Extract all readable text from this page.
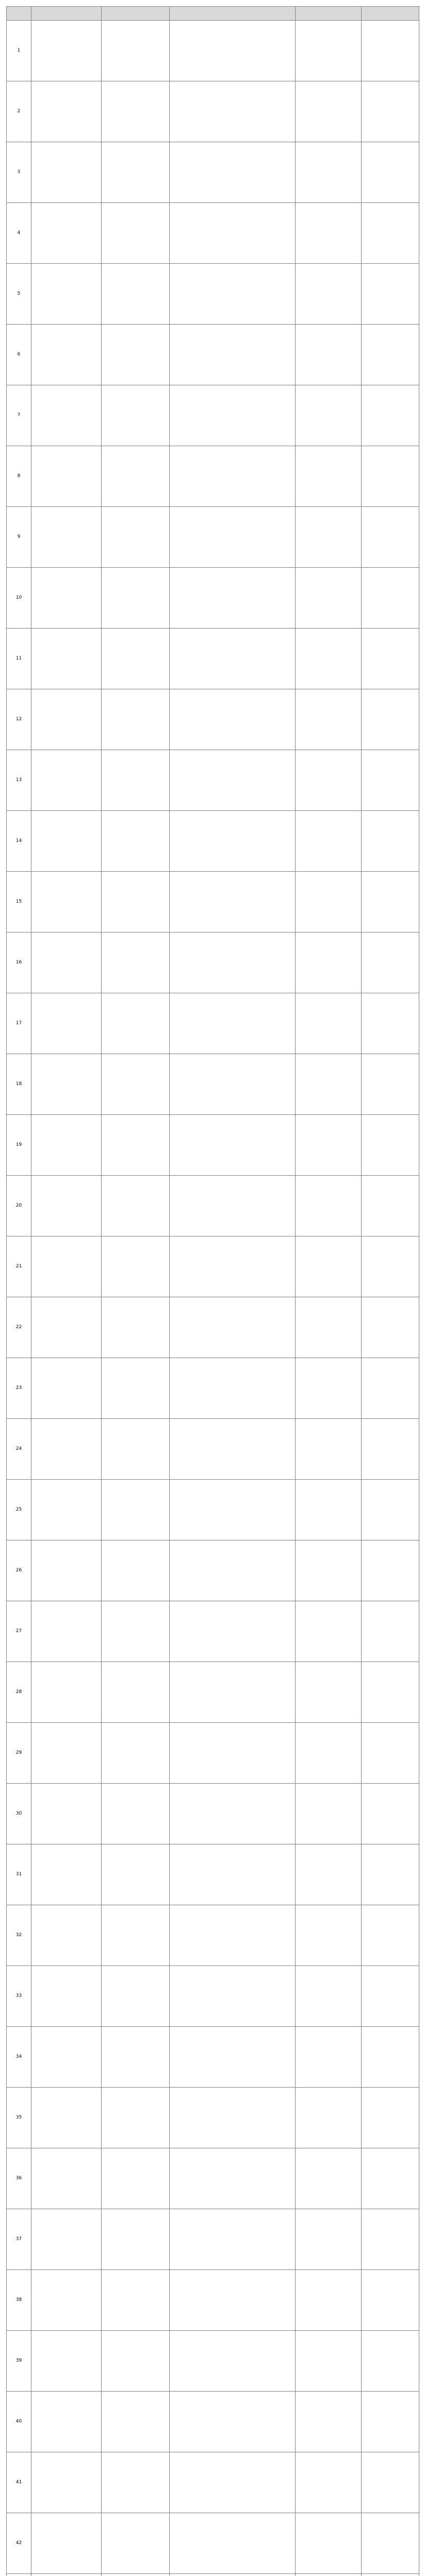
1					
2					
3					
4					
5					
6					
7					
8					
9					
10					
11					
12					
13					
14					
15					
16					
17					
18					
19					
20					
21					
22					
23					
24					
25					
26					
27					
28					
29					
30					
31					
32					
33					
34					
35					
36					
37					
38					
39					
40					
41					
42					
